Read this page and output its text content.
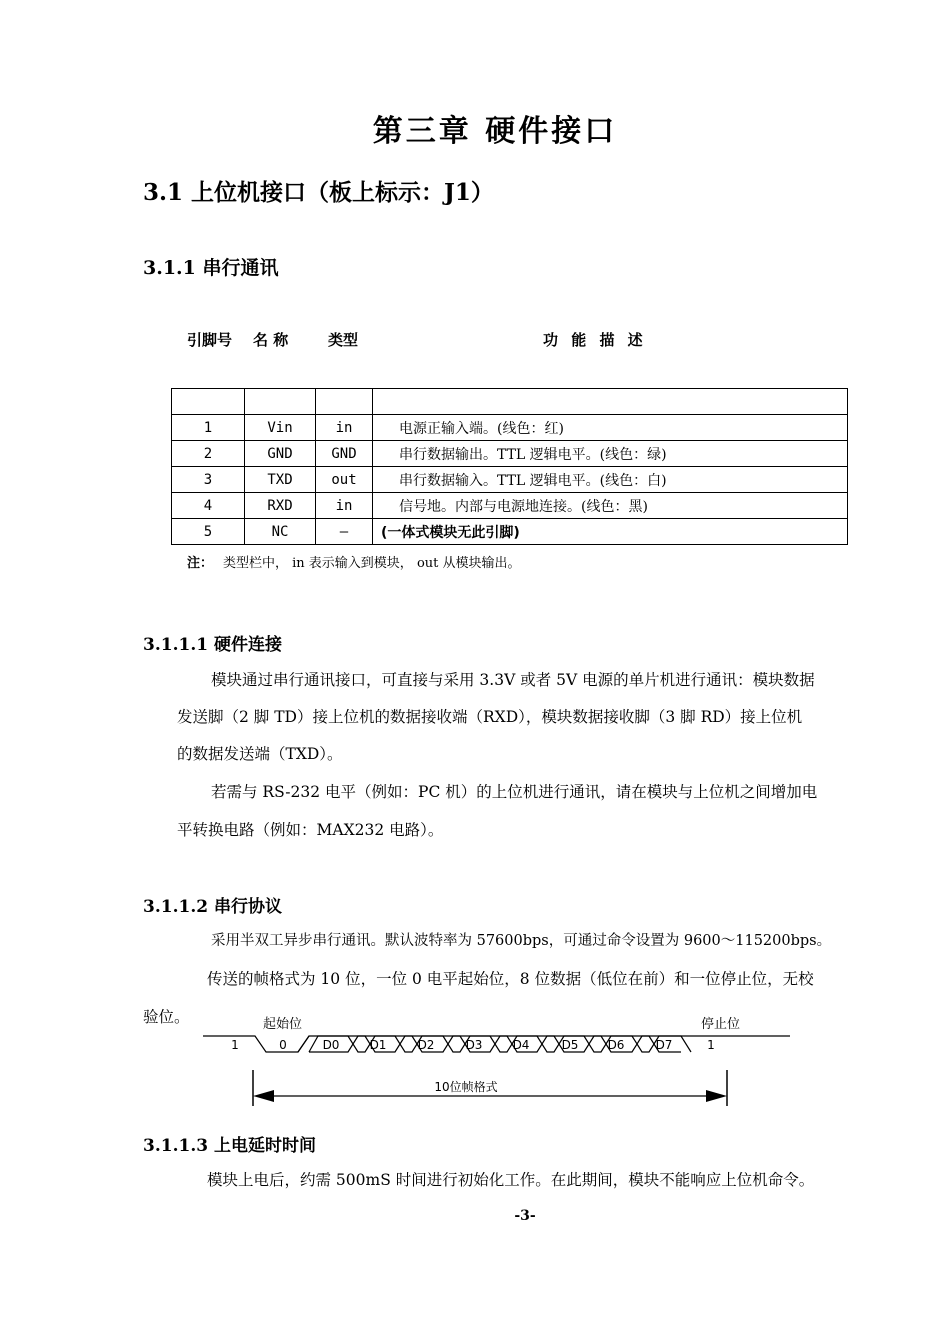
第三章 硬件接口
3.1 上位机接口（板上标示：J1）
3.1.1 串行通讯
引脚号 名 称	类型	功 能 描 述

1	Vin	in	电源正输入端。(线色：红)
2	GND	GND	串行数据输出。TTL 逻辑电平。(线色：绿)
3	TXD	out	串行数据输入。TTL 逻辑电平。(线色：白)
4	RXD	in	信号地。内部与电源地连接。(线色：黑)
5	NC	—	(一体式模块无此引脚)
注： 类型栏中， in 表示输入到模块， out 从模块输出。
3.1.1.1 硬件连接
模块通过串行通讯接口，可直接与采用 3.3V 或者 5V 电源的单片机进行通讯：模块数据
发送脚（2 脚 TD）接上位机的数据接收端（RXD），模块数据接收脚（3 脚 RD）接上位机
的数据发送端（TXD）。
若需与 RS-232 电平（例如：PC 机）的上位机进行通讯，请在模块与上位机之间增加电
平转换电路（例如：MAX232 电路）。
3.1.1.2 串行协议
采用半双工异步串行通讯。默认波特率为 57600bps，可通过命令设置为 9600～115200bps。
传送的帧格式为 10 位，一位 0 电平起始位，8 位数据（低位在前）和一位停止位，无校
验位。	起始位	停止位
1	0	D0	D1	D2	D3	D4	D5 D6	D7	1
10位帧格式
3.1.1.3 上电延时时间
模块上电后，约需 500mS 时间进行初始化工作。在此期间，模块不能响应上位机命令。
-3-
